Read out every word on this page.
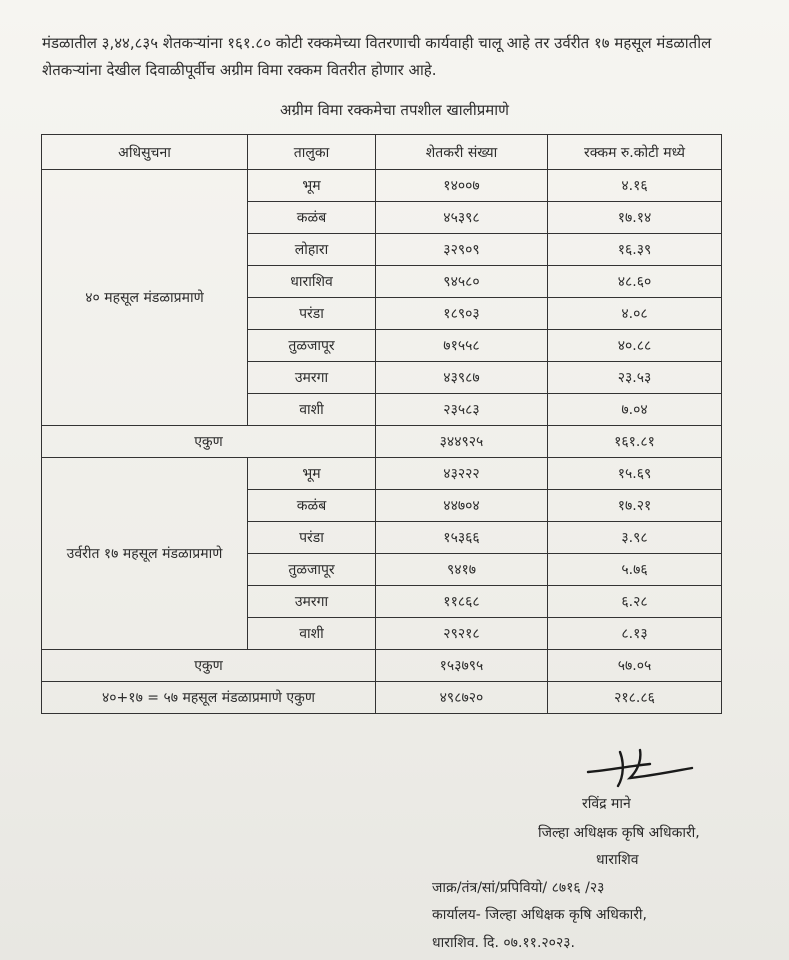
मंडळातील ३,४४,८३५ शेतकऱ्यांना १६१.८० कोटी रक्कमेच्या वितरणाची कार्यवाही चालू आहे तर उर्वरीत १७ महसूल मंडळातील शेतकऱ्यांना देखील दिवाळीपूर्वीच अग्रीम विमा रक्कम वितरीत होणार आहे.
अग्रीम विमा रक्कमेचा तपशील खालीप्रमाणे
अधिसुचना	तालुका	शेतकरी संख्या	रक्कम रु.कोटी मध्ये
४० महसूल मंडळाप्रमाणे	भूम	१४००७	४.१६
	कळंब	४५३९८	१७.१४
	लोहारा	३२९०९	१६.३९
	धाराशिव	९४५८०	४८.६०
	परंडा	१८९०३	४.०८
	तुळजापूर	७१५५८	४०.८८
	उमरगा	४३९८७	२३.५३
	वाशी	२३५८३	७.०४
एकुण		३४४९२५	१६१.८१
उर्वरीत १७ महसूल मंडळाप्रमाणे	भूम	४३२२२	१५.६९
	कळंब	४४७०४	१७.२१
	परंडा	१५३६६	३.९८
	तुळजापूर	९४१७	५.७६
	उमरगा	११८६८	६.२८
	वाशी	२९२१८	८.१३
एकुण		१५३७९५	५७.०५
४०+१७ = ५७ महसूल मंडळाप्रमाणे एकुण		४९८७२०	२१८.८६
रविंद्र माने
जिल्हा अधिक्षक कृषि अधिकारी,
धाराशिव
जाक्र/तंत्र/सां/प्रपिवियो/ ८७१६ /२३
कार्यालय- जिल्हा अधिक्षक कृषि अधिकारी,
धाराशिव. दि. ०७.११.२०२३.
